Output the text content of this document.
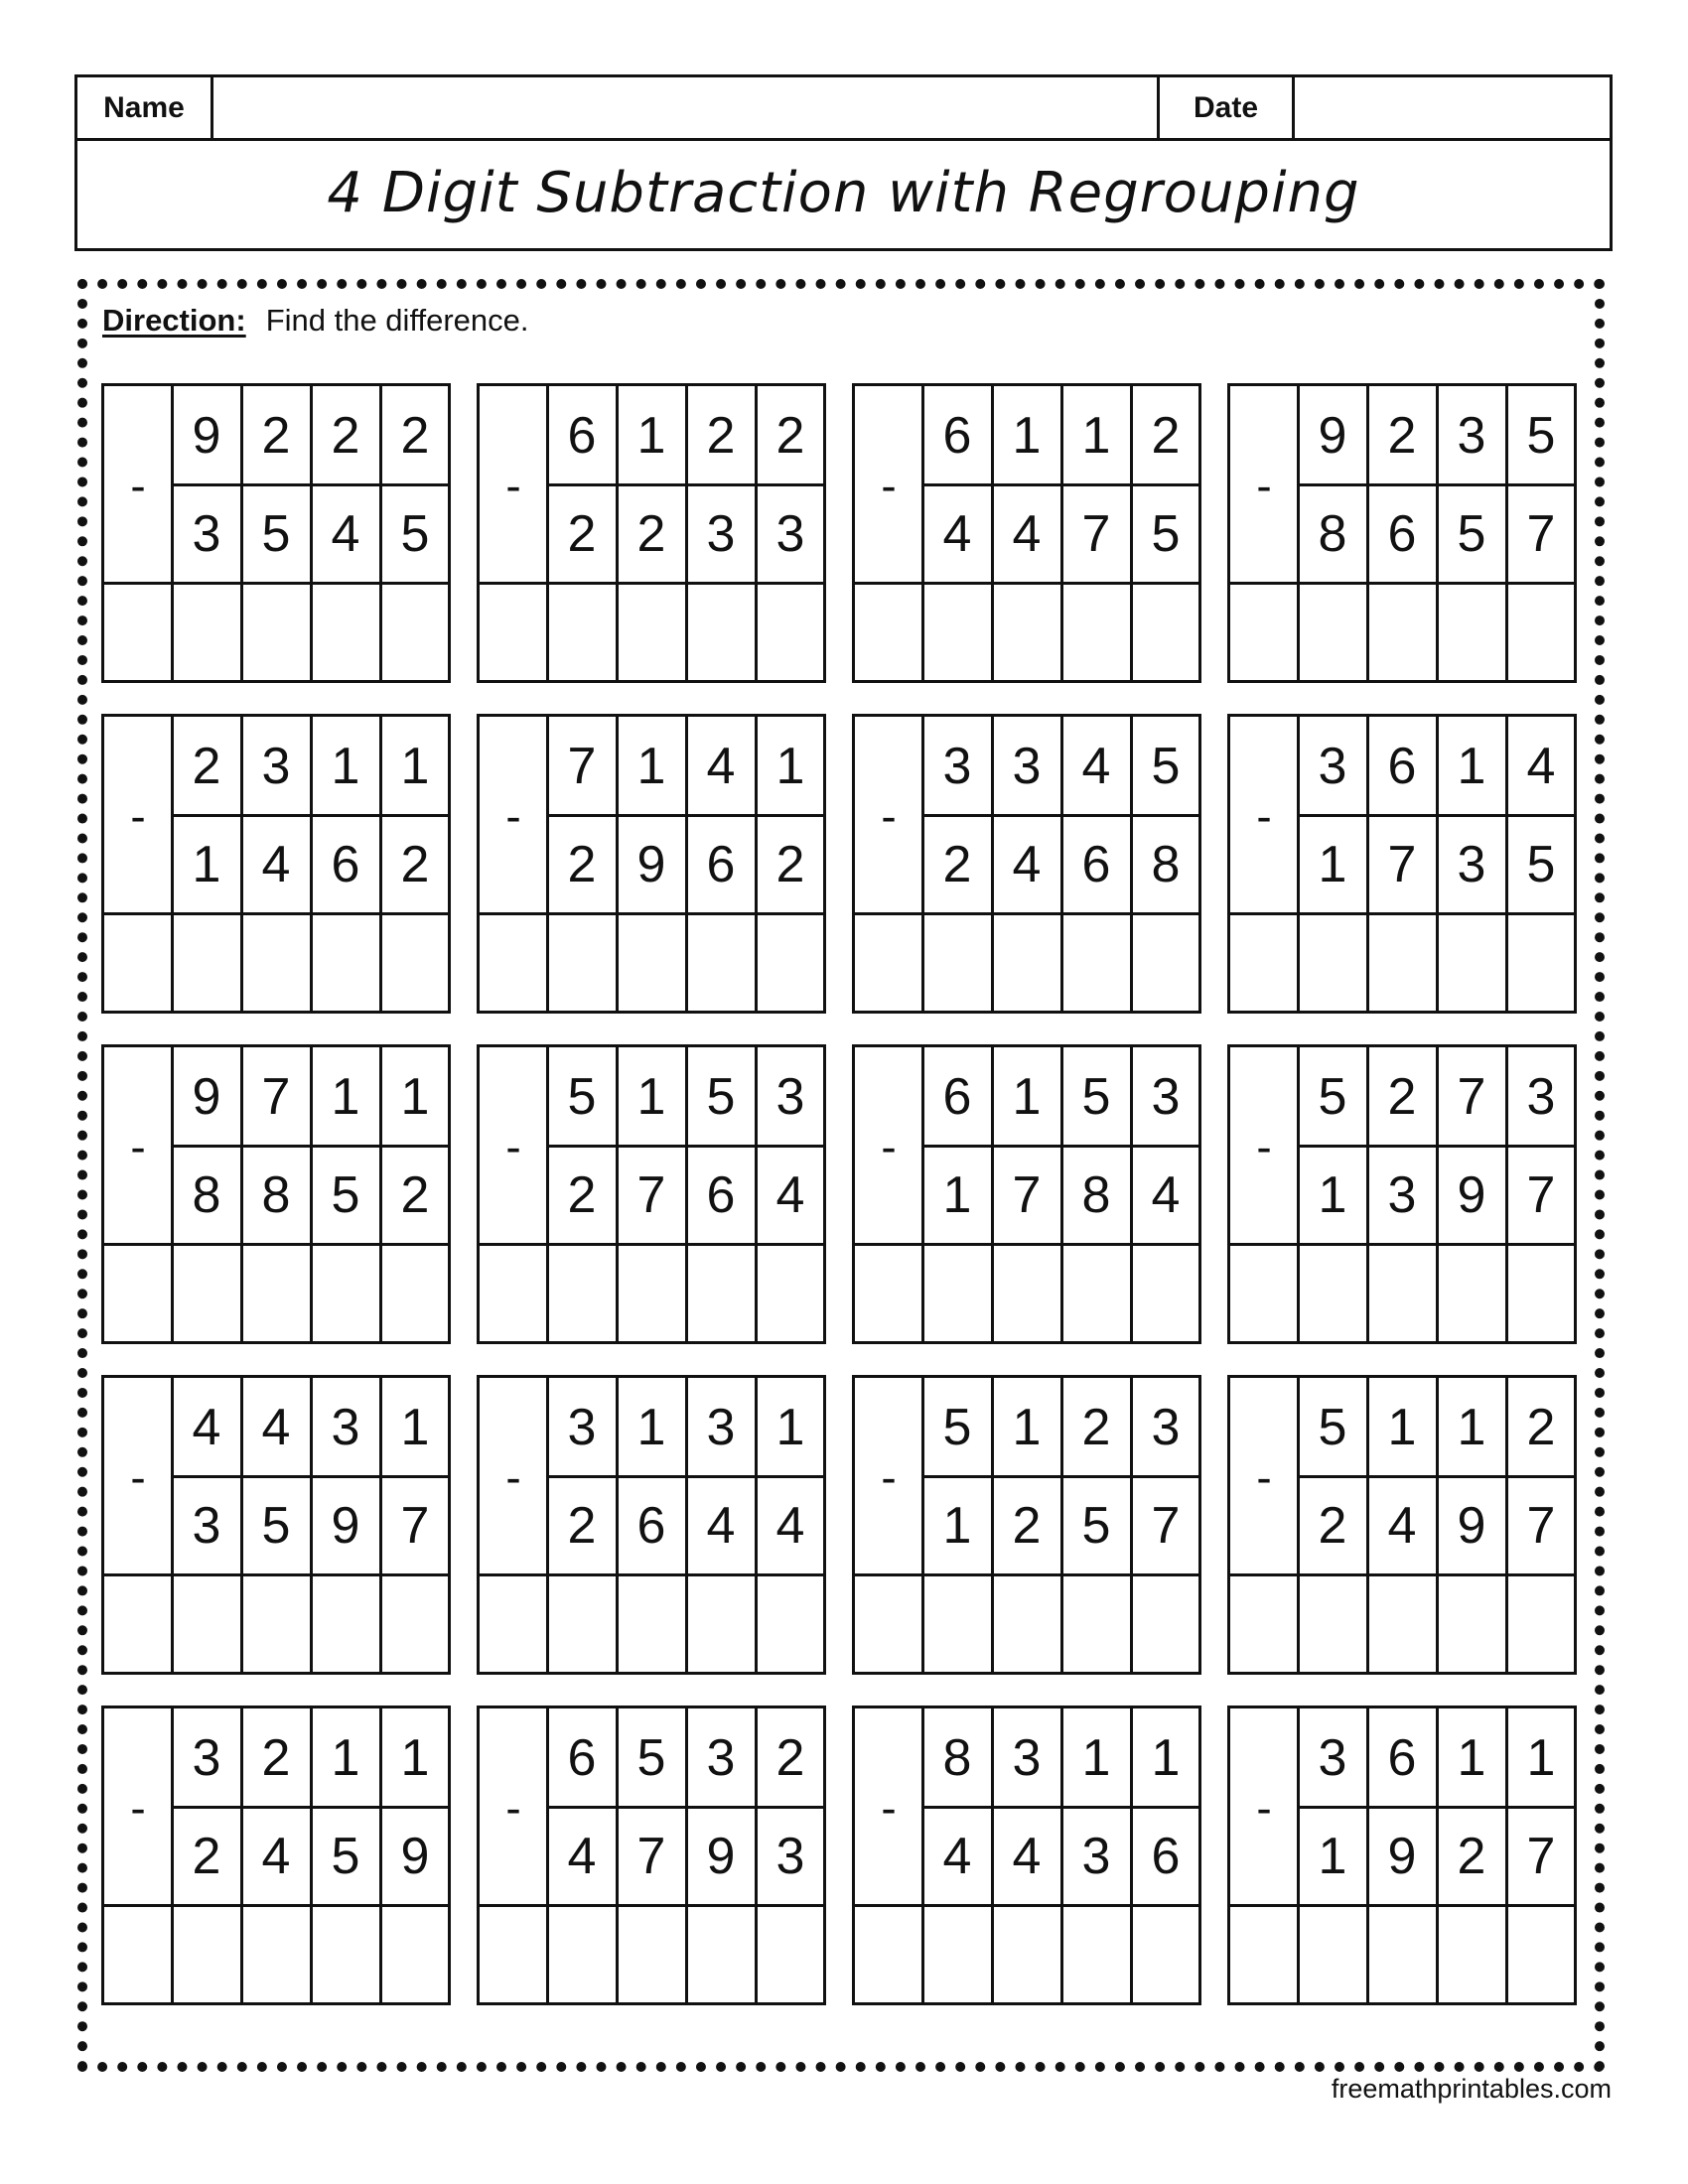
Name	Date
4 Digit Subtraction with Regrouping
Direction: Find the difference.
-
9 2 2 2
3 5 4 5
-
6 1 2 2
2 2 3 3
-
6 1 1 2
4 4 7 5
-
9 2 3 5
8 6 5 7
-
2 3 1 1
1 4 6 2
-
7 1 4 1
2 9 6 2
-
3 3 4 5
2 4 6 8
-
3 6 1 4
1 7 3 5
-
9 7 1 1
8 8 5 2
-
5 1 5 3
2 7 6 4
-
6 1 5 3
1 7 8 4
-
5 2 7 3
1 3 9 7
-
4 4 3 1
3 5 9 7
-
3 1 3 1
2 6 4 4
-
5 1 2 3
1 2 5 7
-
5 1 1 2
2 4 9 7
-
3 2 1 1
2 4 5 9
-
6 5 3 2
4 7 9 3
-
8 3 1 1
4 4 3 6
-
3 6 1 1
1 9 2 7
freemathprintables.com
